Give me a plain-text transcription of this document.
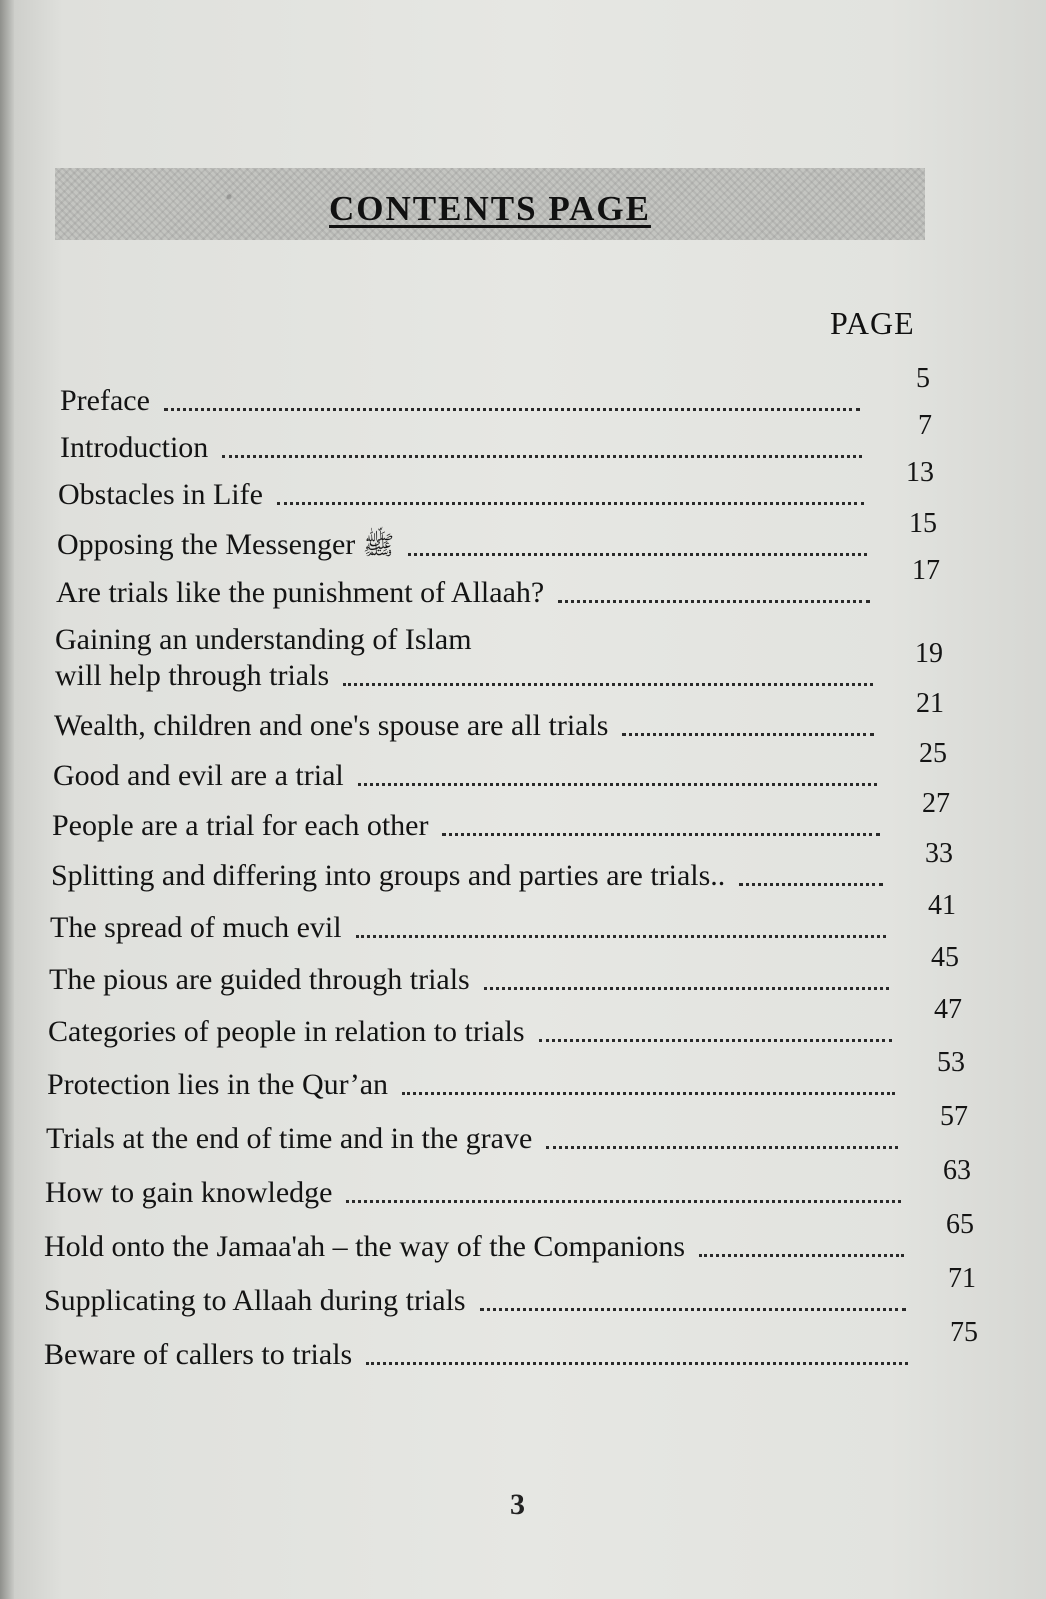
CONTENTS PAGE
PAGE
Preface
5
Introduction
7
Obstacles in Life
13
Opposing the Messenger ﷺ
15
Are trials like the punishment of Allaah?
17
Gaining an understanding of Islam
will help through trials
19
Wealth, children and one's spouse are all trials
21
Good and evil are a trial
25
People are a trial for each other
27
Splitting and differing into groups and parties are trials..
33
The spread of much evil
41
The pious are guided through trials
45
Categories of people in relation to trials
47
Protection lies in the Qur’an
53
Trials at the end of time and in the grave
57
How to gain knowledge
63
Hold onto the Jamaa'ah – the way of the Companions
65
Supplicating to Allaah during trials
71
Beware of callers to trials
75
3
